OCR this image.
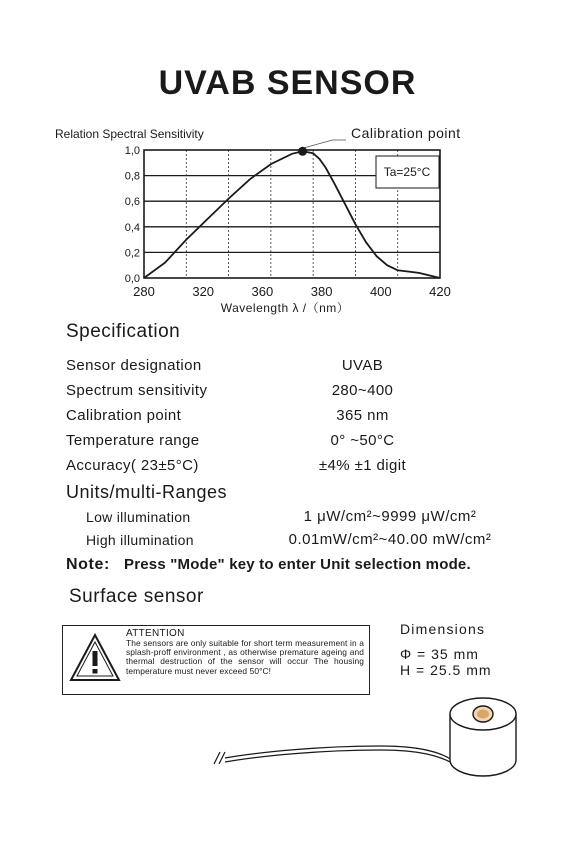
UVAB SENSOR
Relation Spectral Sensitivity	Calibration point
1,0
0,8
0,6
0,4
0,2
0,0
280	320	360	380	400	420
Ta=25°C
Wavelength λ /（nm）
Specification
Sensor designation	UVAB
Spectrum sensitivity	280~400
Calibration point	365 nm
Temperature range	0° ~50°C
Accuracy( 23±5°C)	±4% ±1 digit
Units/multi-Ranges
Low illumination	1 μW/cm²~9999 μW/cm²
High illumination	0.01mW/cm²~40.00 mW/cm²
Note: Press "Mode" key to enter Unit selection mode.
Surface sensor
ATTENTION
The sensors are only suitable for short term measurement in a splash-proff environment , as otherwise premature ageing and thermal destruction of the sensor will occur The housing temperature must never exceed 50°C!
Dimensions
Φ = 35 mm
H = 25.5 mm
